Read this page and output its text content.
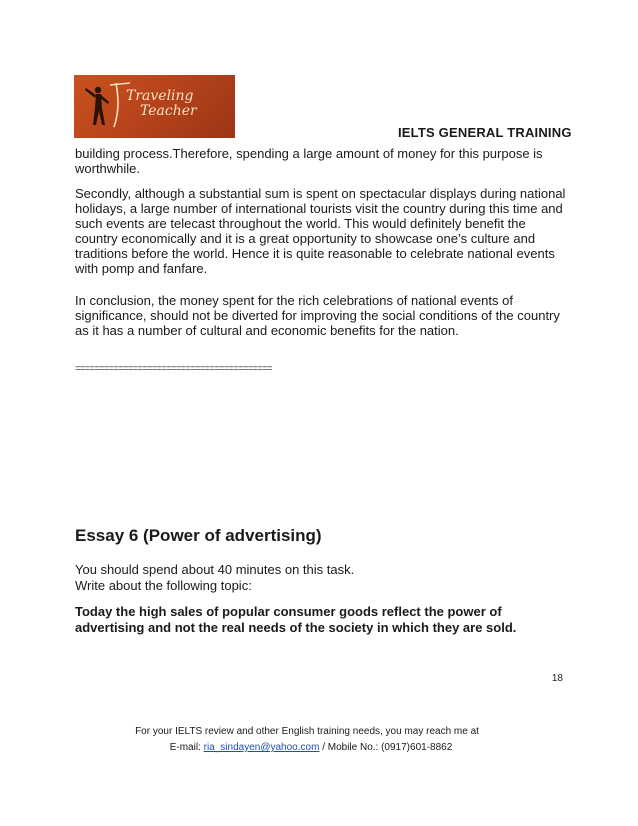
Traveling
Teacher
IELTS GENERAL TRAINING
building process.Therefore, spending a large amount of money for this purpose is worthwhile.
Secondly, although a substantial sum is spent on spectacular displays during national holidays, a large number of international tourists visit the country during this time and such events are telecast throughout the world. This would definitely benefit the country economically and it is a great opportunity to showcase one’s culture and traditions before the world. Hence it is quite reasonable to celebrate national events with pomp and fanfare.
In conclusion, the money spent for the rich celebrations of national events of significance, should not be diverted for improving the social conditions of the country as it has a number of cultural and economic benefits for the nation.
=========================================
Essay 6 (Power of advertising)
You should spend about 40 minutes on this task.
Write about the following topic:
Today the high sales of popular consumer goods reflect the power of advertising and not the real needs of the society in which they are sold.
18
For your IELTS review and other English training needs, you may reach me at
E-mail: ria_sindayen@yahoo.com / Mobile No.: (0917)601-8862
